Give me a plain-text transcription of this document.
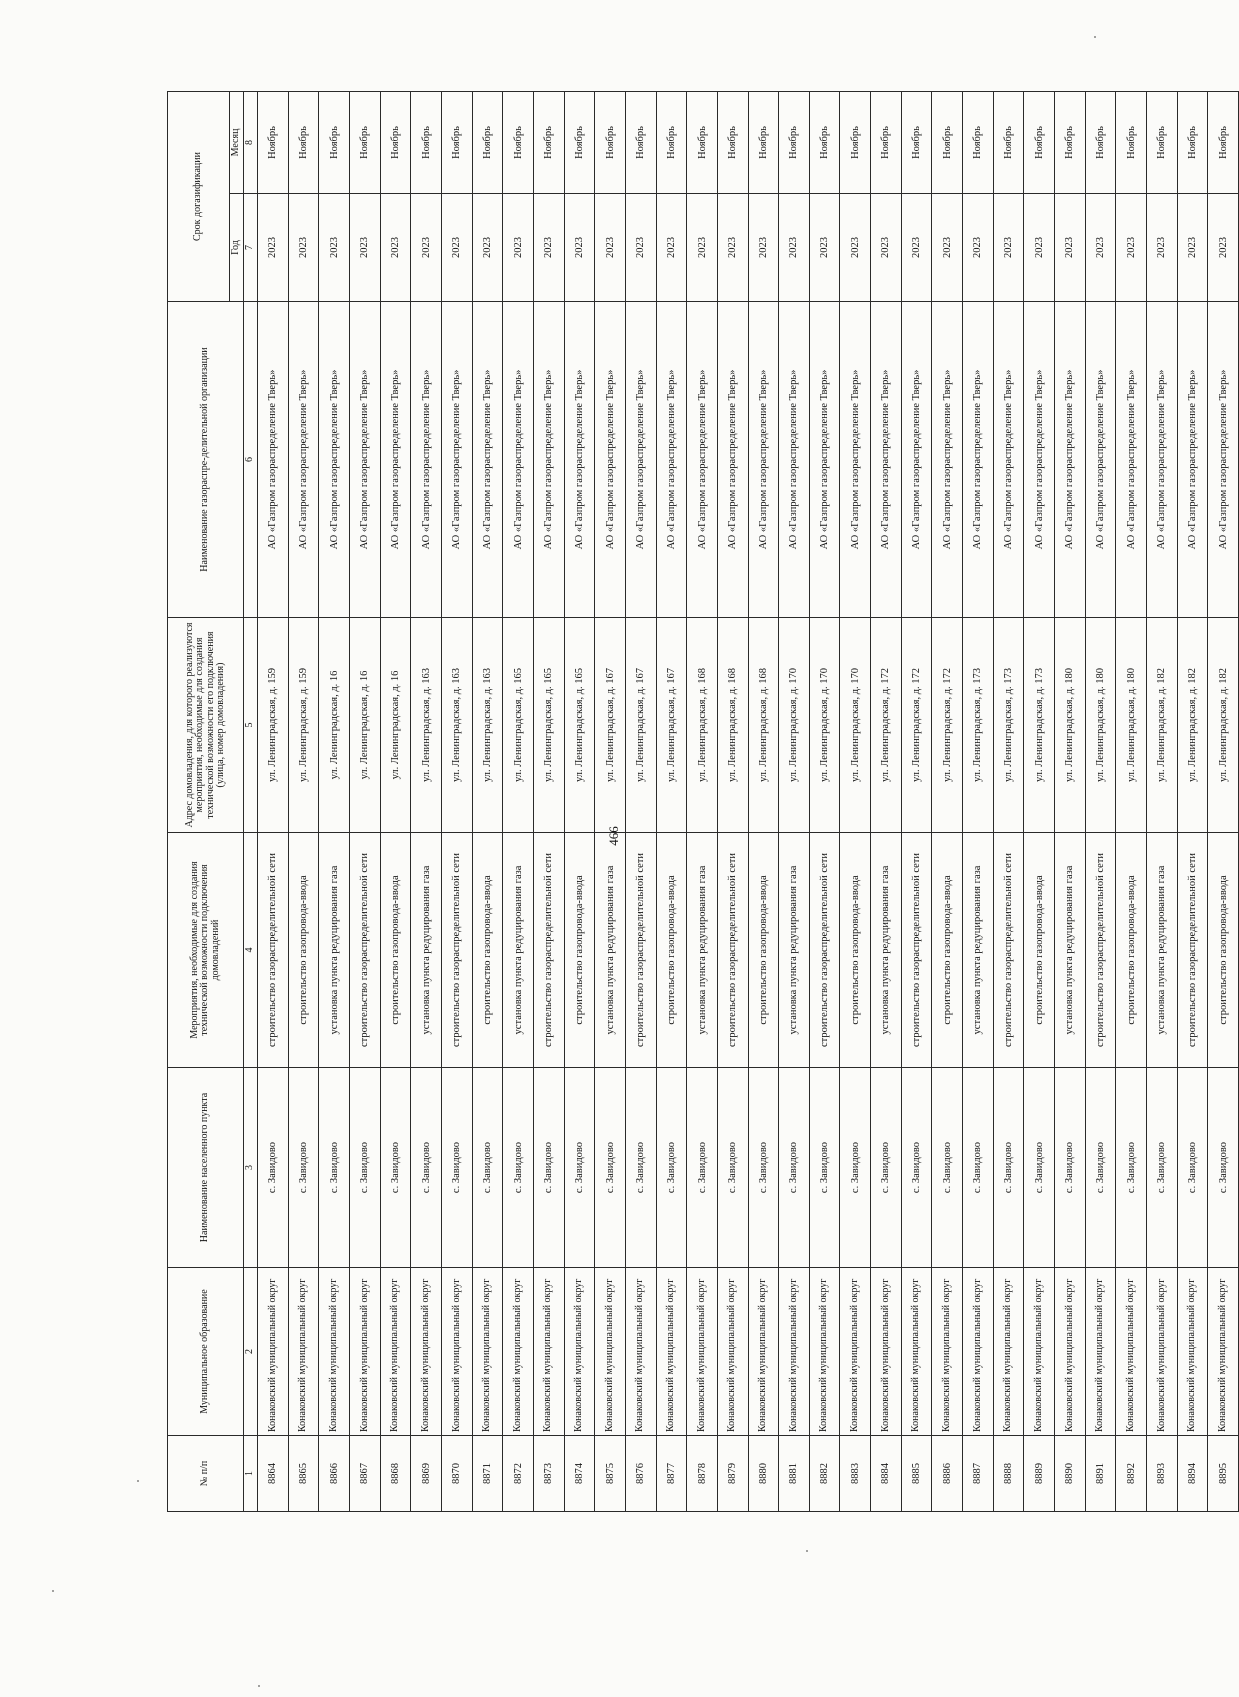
466
№ п/п	Муниципальное образование	Наименование населенного пункта	Мероприятия, необходимые для создания технической возможности подключения домовладений	Адрес домовладения, для которого реализуются мероприятия, необходимые для создания технической возможности его подключения (улица, номер домовладения)	Наименование газораспре-делительной организации	Срок догазификации	
						Год	Месяц
1	2	3	4	5	6	7	8
8864	Конаковский муниципальный округ	с. Завидово	строительство газораспределительной сети	ул. Ленинградская, д. 159	АО «Газпром газораспределение Тверь»	2023	Ноябрь
8865	Конаковский муниципальный округ	с. Завидово	строительство газопровода-ввода	ул. Ленинградская, д. 159	АО «Газпром газораспределение Тверь»	2023	Ноябрь
8866	Конаковский муниципальный округ	с. Завидово	установка пункта редуцирования газа	ул. Ленинградская, д. 16	АО «Газпром газораспределение Тверь»	2023	Ноябрь
8867	Конаковский муниципальный округ	с. Завидово	строительство газораспределительной сети	ул. Ленинградская, д. 16	АО «Газпром газораспределение Тверь»	2023	Ноябрь
8868	Конаковский муниципальный округ	с. Завидово	строительство газопровода-ввода	ул. Ленинградская, д. 16	АО «Газпром газораспределение Тверь»	2023	Ноябрь
8869	Конаковский муниципальный округ	с. Завидово	установка пункта редуцирования газа	ул. Ленинградская, д. 163	АО «Газпром газораспределение Тверь»	2023	Ноябрь
8870	Конаковский муниципальный округ	с. Завидово	строительство газораспределительной сети	ул. Ленинградская, д. 163	АО «Газпром газораспределение Тверь»	2023	Ноябрь
8871	Конаковский муниципальный округ	с. Завидово	строительство газопровода-ввода	ул. Ленинградская, д. 163	АО «Газпром газораспределение Тверь»	2023	Ноябрь
8872	Конаковский муниципальный округ	с. Завидово	установка пункта редуцирования газа	ул. Ленинградская, д. 165	АО «Газпром газораспределение Тверь»	2023	Ноябрь
8873	Конаковский муниципальный округ	с. Завидово	строительство газораспределительной сети	ул. Ленинградская, д. 165	АО «Газпром газораспределение Тверь»	2023	Ноябрь
8874	Конаковский муниципальный округ	с. Завидово	строительство газопровода-ввода	ул. Ленинградская, д. 165	АО «Газпром газораспределение Тверь»	2023	Ноябрь
8875	Конаковский муниципальный округ	с. Завидово	установка пункта редуцирования газа	ул. Ленинградская, д. 167	АО «Газпром газораспределение Тверь»	2023	Ноябрь
8876	Конаковский муниципальный округ	с. Завидово	строительство газораспределительной сети	ул. Ленинградская, д. 167	АО «Газпром газораспределение Тверь»	2023	Ноябрь
8877	Конаковский муниципальный округ	с. Завидово	строительство газопровода-ввода	ул. Ленинградская, д. 167	АО «Газпром газораспределение Тверь»	2023	Ноябрь
8878	Конаковский муниципальный округ	с. Завидово	установка пункта редуцирования газа	ул. Ленинградская, д. 168	АО «Газпром газораспределение Тверь»	2023	Ноябрь
8879	Конаковский муниципальный округ	с. Завидово	строительство газораспределительной сети	ул. Ленинградская, д. 168	АО «Газпром газораспределение Тверь»	2023	Ноябрь
8880	Конаковский муниципальный округ	с. Завидово	строительство газопровода-ввода	ул. Ленинградская, д. 168	АО «Газпром газораспределение Тверь»	2023	Ноябрь
8881	Конаковский муниципальный округ	с. Завидово	установка пункта редуцирования газа	ул. Ленинградская, д. 170	АО «Газпром газораспределение Тверь»	2023	Ноябрь
8882	Конаковский муниципальный округ	с. Завидово	строительство газораспределительной сети	ул. Ленинградская, д. 170	АО «Газпром газораспределение Тверь»	2023	Ноябрь
8883	Конаковский муниципальный округ	с. Завидово	строительство газопровода-ввода	ул. Ленинградская, д. 170	АО «Газпром газораспределение Тверь»	2023	Ноябрь
8884	Конаковский муниципальный округ	с. Завидово	установка пункта редуцирования газа	ул. Ленинградская, д. 172	АО «Газпром газораспределение Тверь»	2023	Ноябрь
8885	Конаковский муниципальный округ	с. Завидово	строительство газораспределительной сети	ул. Ленинградская, д. 172	АО «Газпром газораспределение Тверь»	2023	Ноябрь
8886	Конаковский муниципальный округ	с. Завидово	строительство газопровода-ввода	ул. Ленинградская, д. 172	АО «Газпром газораспределение Тверь»	2023	Ноябрь
8887	Конаковский муниципальный округ	с. Завидово	установка пункта редуцирования газа	ул. Ленинградская, д. 173	АО «Газпром газораспределение Тверь»	2023	Ноябрь
8888	Конаковский муниципальный округ	с. Завидово	строительство газораспределительной сети	ул. Ленинградская, д. 173	АО «Газпром газораспределение Тверь»	2023	Ноябрь
8889	Конаковский муниципальный округ	с. Завидово	строительство газопровода-ввода	ул. Ленинградская, д. 173	АО «Газпром газораспределение Тверь»	2023	Ноябрь
8890	Конаковский муниципальный округ	с. Завидово	установка пункта редуцирования газа	ул. Ленинградская, д. 180	АО «Газпром газораспределение Тверь»	2023	Ноябрь
8891	Конаковский муниципальный округ	с. Завидово	строительство газораспределительной сети	ул. Ленинградская, д. 180	АО «Газпром газораспределение Тверь»	2023	Ноябрь
8892	Конаковский муниципальный округ	с. Завидово	строительство газопровода-ввода	ул. Ленинградская, д. 180	АО «Газпром газораспределение Тверь»	2023	Ноябрь
8893	Конаковский муниципальный округ	с. Завидово	установка пункта редуцирования газа	ул. Ленинградская, д. 182	АО «Газпром газораспределение Тверь»	2023	Ноябрь
8894	Конаковский муниципальный округ	с. Завидово	строительство газораспределительной сети	ул. Ленинградская, д. 182	АО «Газпром газораспределение Тверь»	2023	Ноябрь
8895	Конаковский муниципальный округ	с. Завидово	строительство газопровода-ввода	ул. Ленинградская, д. 182	АО «Газпром газораспределение Тверь»	2023	Ноябрь
